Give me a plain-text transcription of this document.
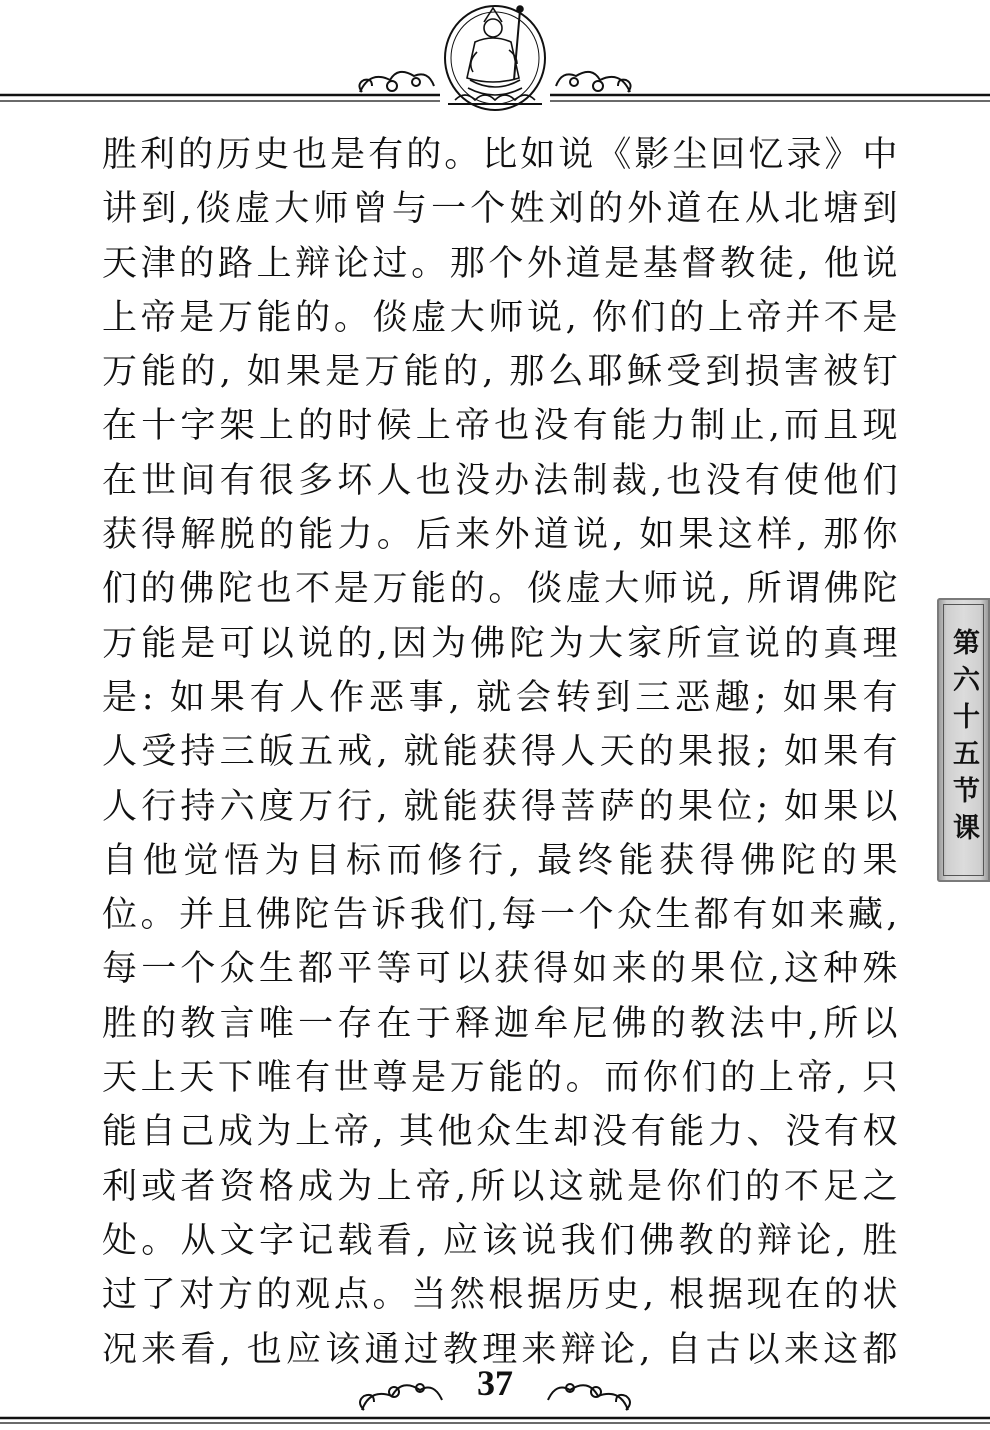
胜利的历史也是有的。比如说《影尘回忆录》中
讲到,倓虚大师曾与一个姓刘的外道在从北塘到
天津的路上辩论过。那个外道是基督教徒, 他说
上帝是万能的。倓虚大师说, 你们的上帝并不是
万能的, 如果是万能的, 那么耶稣受到损害被钉
在十字架上的时候上帝也没有能力制止,而且现
在世间有很多坏人也没办法制裁,也没有使他们
获得解脱的能力。后来外道说, 如果这样, 那你
们的佛陀也不是万能的。倓虚大师说, 所谓佛陀
万能是可以说的,因为佛陀为大家所宣说的真理
是: 如果有人作恶事, 就会转到三恶趣; 如果有
人受持三皈五戒, 就能获得人天的果报; 如果有
人行持六度万行, 就能获得菩萨的果位; 如果以
自他觉悟为目标而修行, 最终能获得佛陀的果
位。并且佛陀告诉我们,每一个众生都有如来藏,
每一个众生都平等可以获得如来的果位,这种殊
胜的教言唯一存在于释迦牟尼佛的教法中,所以
天上天下唯有世尊是万能的。而你们的上帝, 只
能自己成为上帝, 其他众生却没有能力、没有权
利或者资格成为上帝,所以这就是你们的不足之
处。从文字记载看, 应该说我们佛教的辩论, 胜
过了对方的观点。当然根据历史, 根据现在的状
况来看, 也应该通过教理来辩论, 自古以来这都
第六十五节课
37
